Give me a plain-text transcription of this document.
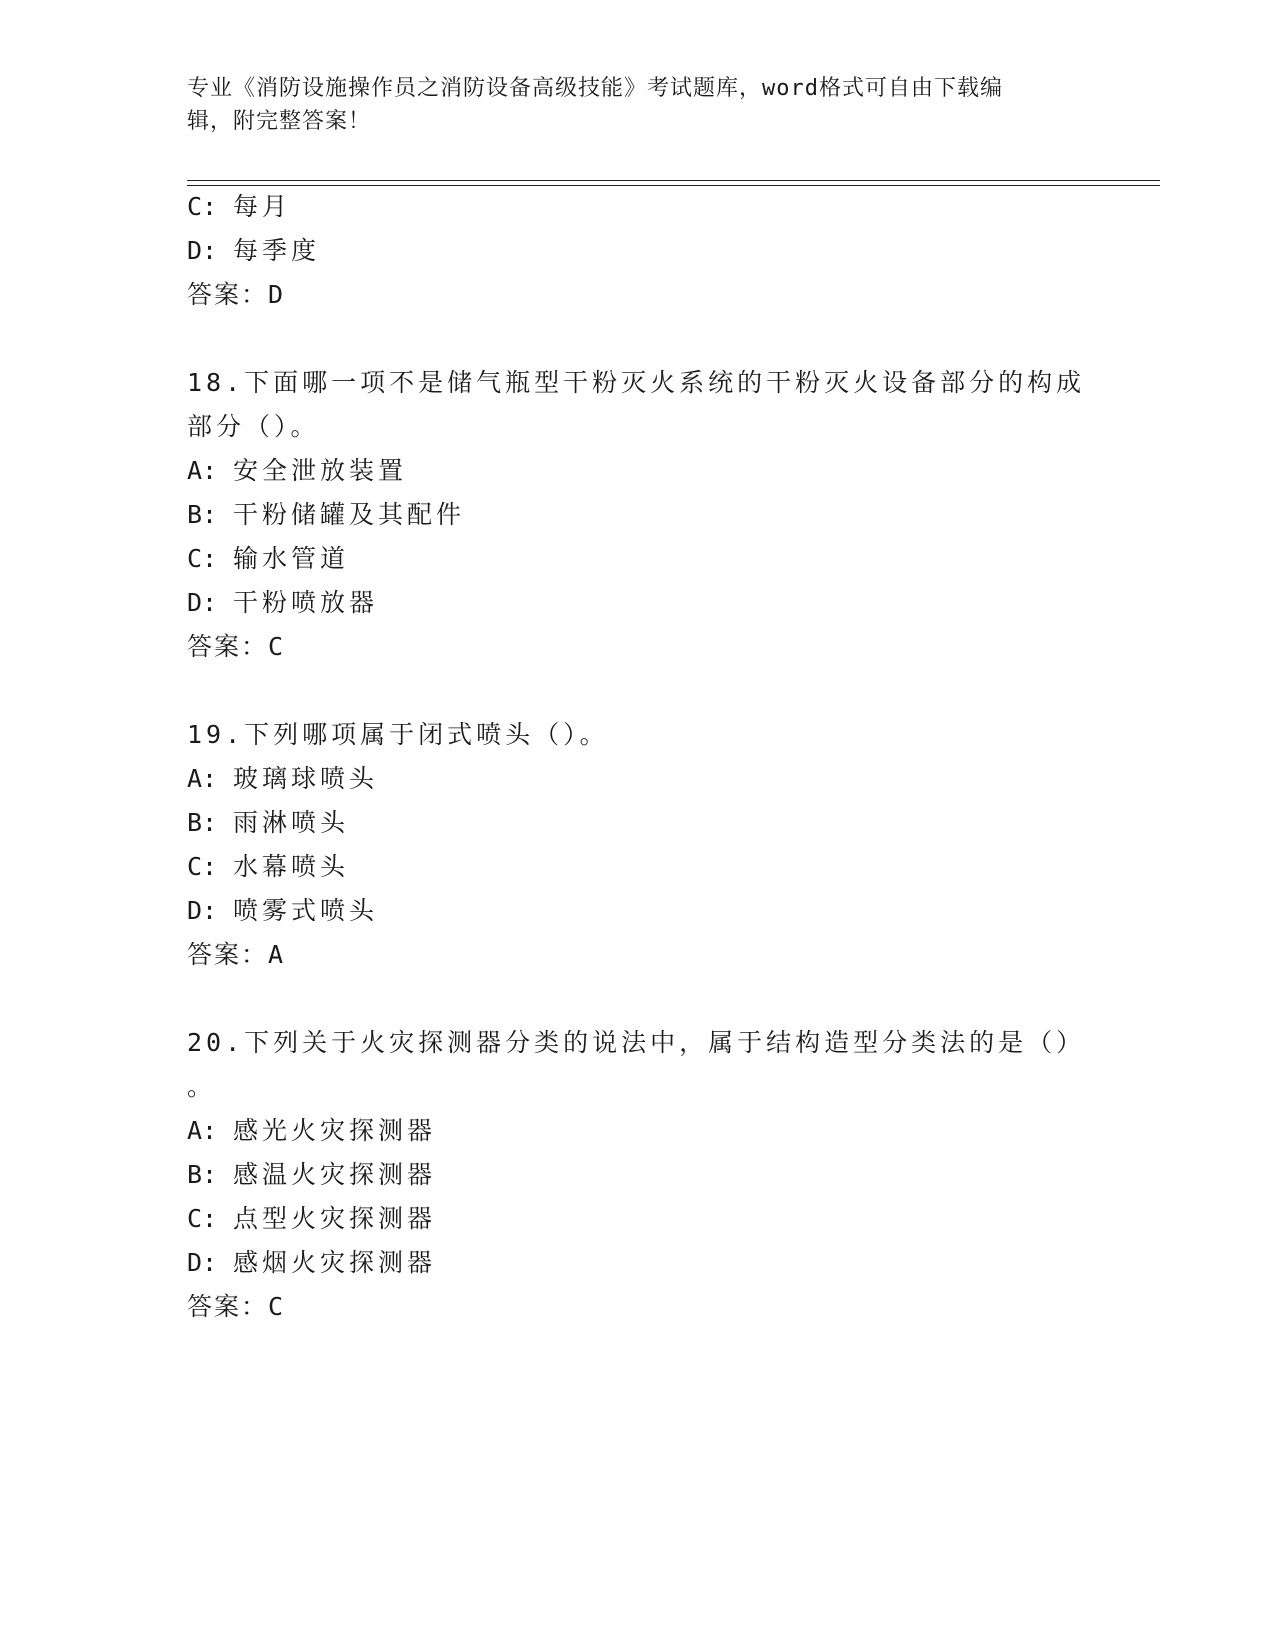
专业《消防设施操作员之消防设备高级技能》考试题库，word格式可自由下载编
辑，附完整答案！
C: 每月
D: 每季度
答案：D
18.下面哪一项不是储气瓶型干粉灭火系统的干粉灭火设备部分的构成
部分（）。
A: 安全泄放装置
B: 干粉储罐及其配件
C: 输水管道
D: 干粉喷放器
答案：C
19.下列哪项属于闭式喷头（）。
A: 玻璃球喷头
B: 雨淋喷头
C: 水幕喷头
D: 喷雾式喷头
答案：A
20.下列关于火灾探测器分类的说法中，属于结构造型分类法的是（）
。
A: 感光火灾探测器
B: 感温火灾探测器
C: 点型火灾探测器
D: 感烟火灾探测器
答案：C
